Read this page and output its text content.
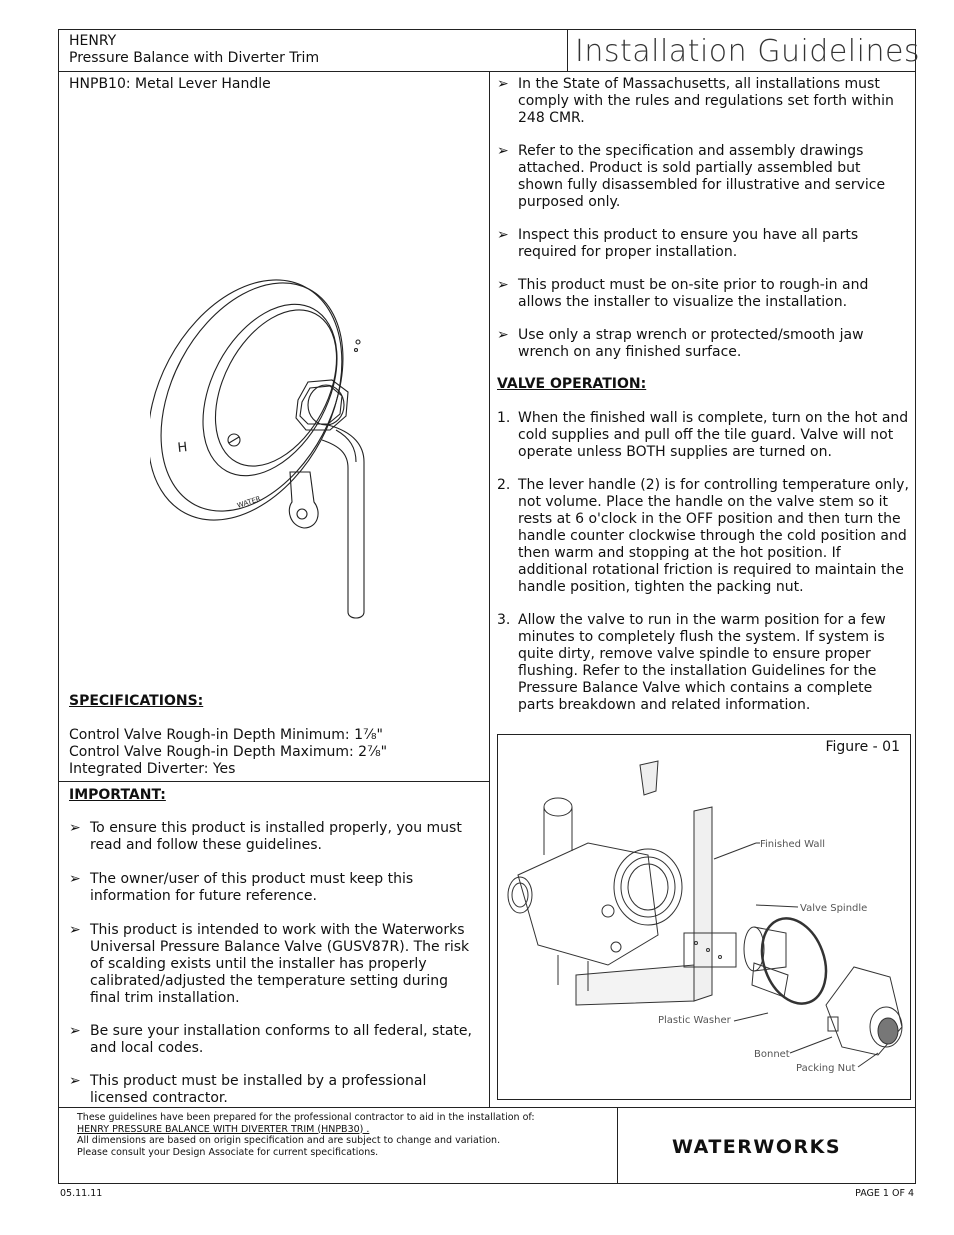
HENRY

Pressure Balance with Diverter Trim	Installation Guidelines

HNPB10: Metal Lever Handle

H
WATER

SPECIFICATIONS:

Control Valve Rough-in Depth Minimum: 1⅞"
Control Valve Rough-in Depth Maximum: 2⅞"
Integrated Diverter: Yes

IMPORTANT:

➢ To ensure this product is installed properly, you must read and follow these guidelines.
➢ The owner/user of this product must keep this information for future reference.
➢ This product is intended to work with the Waterworks Universal Pressure Balance Valve (GUSV87R). The risk of scalding exists until the installer has properly calibrated/adjusted the temperature setting during final trim installation.
➢ Be sure your installation conforms to all federal, state, and local codes.
➢ This product must be installed by a professional licensed contractor.
➢ In the State of Massachusetts, all installations must comply with the rules and regulations set forth within 248 CMR.
➢ Refer to the specification and assembly drawings attached. Product is sold partially assembled but shown fully disassembled for illustrative and service purposed only.
➢ Inspect this product to ensure you have all parts required for proper installation.
➢ This product must be on-site prior to rough-in and allows the installer to visualize the installation.
➢ Use only a strap wrench or protected/smooth jaw wrench on any finished surface.

VALVE OPERATION:

1. When the finished wall is complete, turn on the hot and cold supplies and pull off the tile guard. Valve will not operate unless BOTH supplies are turned on.
2. The lever handle (2) is for controlling temperature only, not volume. Place the handle on the valve stem so it rests at 6 o'clock in the OFF position and then turn the handle counter clockwise through the cold position and then warm and stopping at the hot position. If additional rotational friction is required to maintain the handle position, tighten the packing nut.
3. Allow the valve to run in the warm position for a few minutes to completely flush the system. If system is quite dirty, remove valve spindle to ensure proper flushing. Refer to the installation Guidelines for the Pressure Balance Valve which contains a complete parts breakdown and related information.

Figure - 01

Finished Wall
Valve Spindle
Plastic Washer
Bonnet
Packing Nut
These guidelines have been prepared for the professional contractor to aid in the installation of:
HENRY PRESSURE BALANCE WITH DIVERTER TRIM (HNPB30) .
All dimensions are based on origin specification and are subject to change and variation.
Please consult your Design Associate for current specifications.	WATERWORKS

05.11.11	PAGE 1 OF 4
